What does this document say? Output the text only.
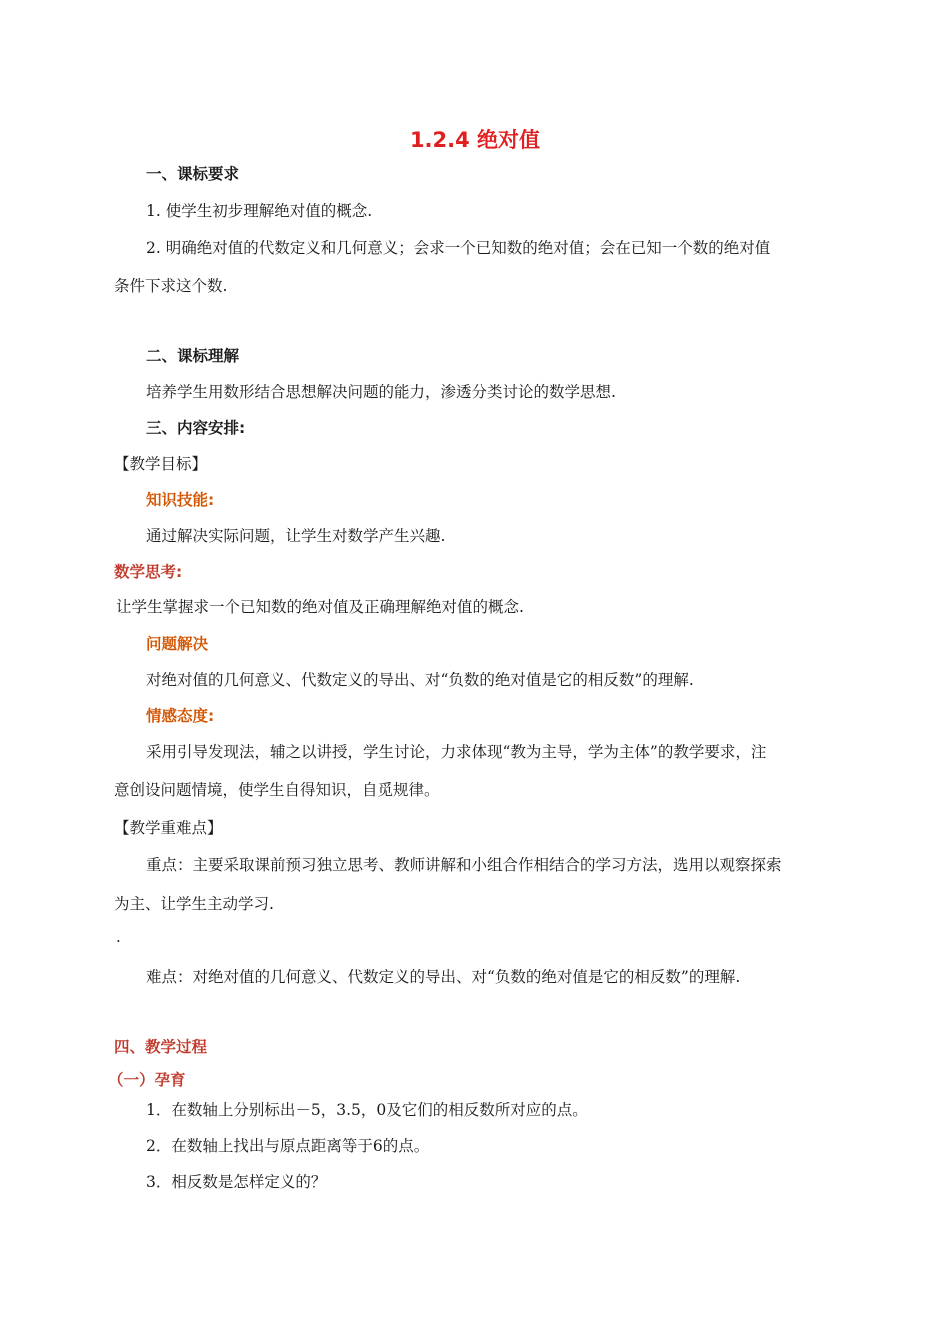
1.2.4 绝对值
一、课标要求
1. 使学生初步理解绝对值的概念.
2. 明确绝对值的代数定义和几何意义；会求一个已知数的绝对值；会在已知一个数的绝对值
条件下求这个数.
二、课标理解
培养学生用数形结合思想解决问题的能力，渗透分类讨论的数学思想.
三、内容安排:
【教学目标】
知识技能:
通过解决实际问题，让学生对数学产生兴趣.
数学思考:
让学生掌握求一个已知数的绝对值及正确理解绝对值的概念.
问题解决
对绝对值的几何意义、代数定义的导出、对“负数的绝对值是它的相反数”的理解.
情感态度:
采用引导发现法，辅之以讲授，学生讨论，力求体现“教为主导，学为主体”的教学要求，注
意创设问题情境，使学生自得知识，自觅规律。
【教学重难点】
重点：主要采取课前预习独立思考、教师讲解和小组合作相结合的学习方法，选用以观察探索
为主、让学生主动学习.
.
难点：对绝对值的几何意义、代数定义的导出、对“负数的绝对值是它的相反数”的理解.
四、教学过程
（一）孕育
1．在数轴上分别标出－5，3.5，0及它们的相反数所对应的点。
2．在数轴上找出与原点距离等于6的点。
3．相反数是怎样定义的？
